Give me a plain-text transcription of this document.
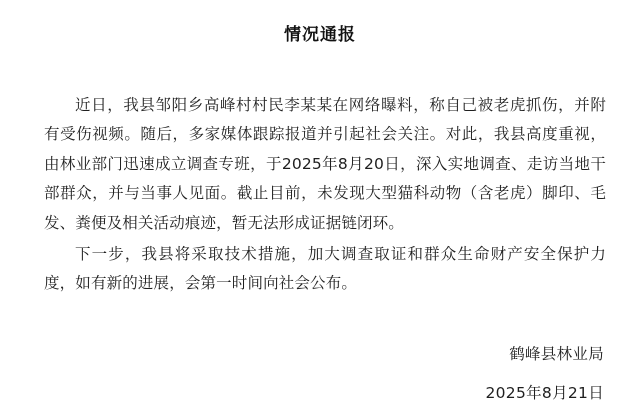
情况通报

近日，我县邹阳乡高峰村村民李某某在网络曝料，称自己被老虎抓伤，并附有受伤视频。随后，多家媒体跟踪报道并引起社会关注。对此，我县高度重视，由林业部门迅速成立调查专班，于2025年8月20日，深入实地调查、走访当地干部群众，并与当事人见面。截止目前，未发现大型猫科动物（含老虎）脚印、毛发、粪便及相关活动痕迹，暂无法形成证据链闭环。

下一步，我县将采取技术措施，加大调查取证和群众生命财产安全保护力度，如有新的进展，会第一时间向社会公布。

鹤峰县林业局
2025年8月21日
